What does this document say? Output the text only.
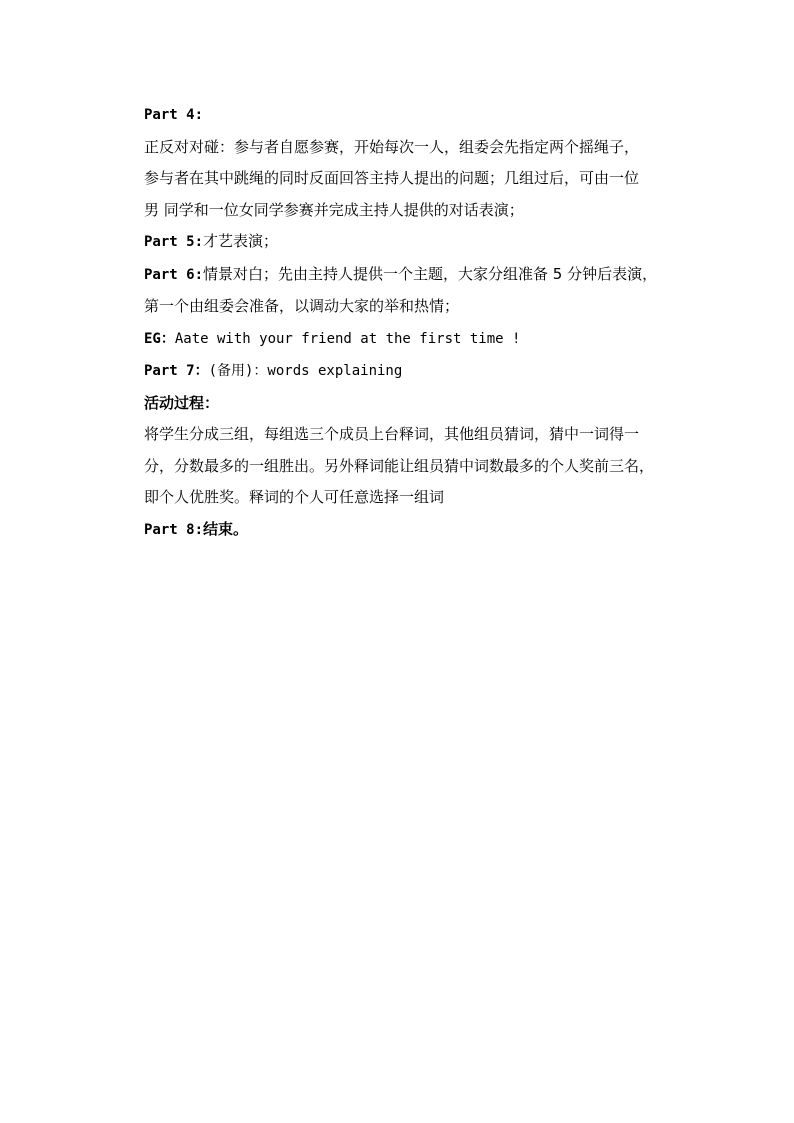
Part 4:
正反对对碰：参与者自愿参赛，开始每次一人，组委会先指定两个摇绳子，
参与者在其中跳绳的同时反面回答主持人提出的问题；几组过后，可由一位
男 同学和一位女同学参赛并完成主持人提供的对话表演；
Part 5:才艺表演；
Part 6:情景对白；先由主持人提供一个主题，大家分组准备 5 分钟后表演，
第一个由组委会准备，以调动大家的举和热情；
EG：Aate with your friend at the first time !
Part 7：(备用)：words explaining
活动过程：
将学生分成三组，每组选三个成员上台释词，其他组员猜词，猜中一词得一
分，分数最多的一组胜出。另外释词能让组员猜中词数最多的个人奖前三名，
即个人优胜奖。释词的个人可任意选择一组词
Part 8:结束。
